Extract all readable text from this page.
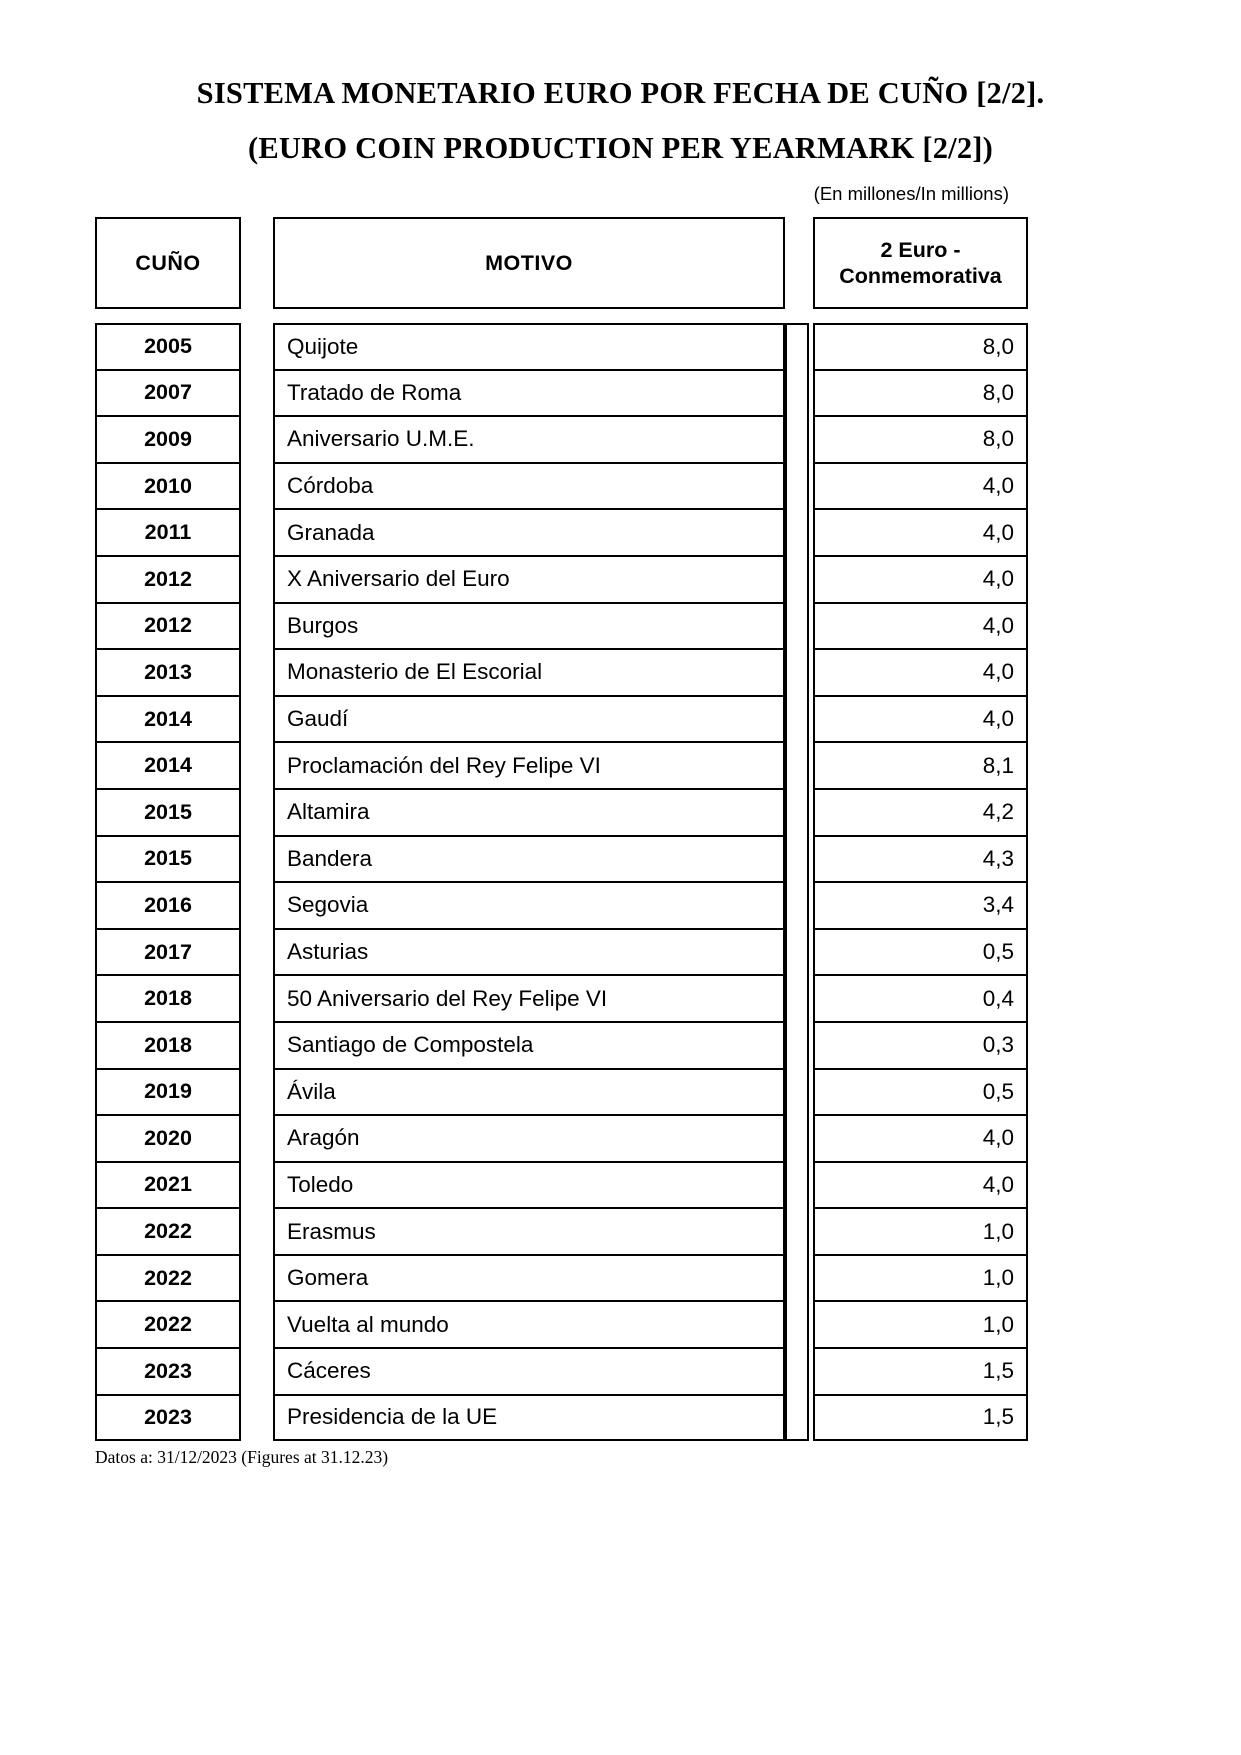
SISTEMA MONETARIO EURO POR FECHA DE CUÑO [2/2].
(EURO COIN PRODUCTION PER YEARMARK [2/2])
(En millones/In millions)
CUÑO	MOTIVO
2 Euro -
Conmemorativa
2005	Quijote	8,0
2007	Tratado de Roma	8,0
2009	Aniversario U.M.E.	8,0
2010	Córdoba	4,0
2011	Granada	4,0
2012	X Aniversario del Euro	4,0
2012	Burgos	4,0
2013	Monasterio de El Escorial	4,0
2014	Gaudí	4,0
2014	Proclamación del Rey Felipe VI	8,1
2015	Altamira	4,2
2015	Bandera	4,3
2016	Segovia	3,4
2017	Asturias	0,5
2018	50 Aniversario del Rey Felipe VI	0,4
2018	Santiago de Compostela	0,3
2019	Ávila	0,5
2020	Aragón	4,0
2021	Toledo	4,0
2022	Erasmus	1,0
2022	Gomera	1,0
2022	Vuelta al mundo	1,0
2023	Cáceres	1,5
2023	Presidencia de la UE	1,5
Datos a: 31/12/2023 (Figures at 31.12.23)
